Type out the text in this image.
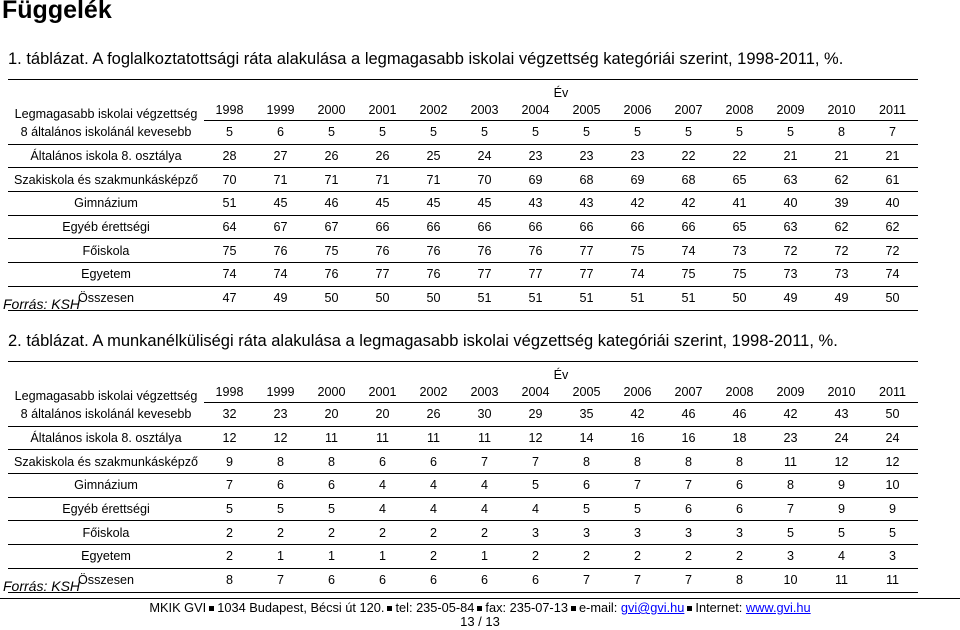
Függelék
1. táblázat. A foglalkoztatottsági ráta alakulása a legmagasabb iskolai végzettség kategóriái szerint, 1998-2011, %.
Legmagasabb iskolai végzettség	Év													
	1998	1999	2000	2001	2002	2003	2004	2005	2006	2007	2008	2009	2010	2011
8 általános iskolánál kevesebb	5	6	5	5	5	5	5	5	5	5	5	5	8	7
Általános iskola 8. osztálya	28	27	26	26	25	24	23	23	23	22	22	21	21	21
Szakiskola és szakmunkásképző	70	71	71	71	71	70	69	68	69	68	65	63	62	61
Gimnázium	51	45	46	45	45	45	43	43	42	42	41	40	39	40
Egyéb érettségi	64	67	67	66	66	66	66	66	66	66	65	63	62	62
Főiskola	75	76	75	76	76	76	76	77	75	74	73	72	72	72
Egyetem	74	74	76	77	76	77	77	77	74	75	75	73	73	74
Összesen	47	49	50	50	50	51	51	51	51	51	50	49	49	50
Forrás: KSH
2. táblázat. A munkanélküliségi ráta alakulása a legmagasabb iskolai végzettség kategóriái szerint, 1998-2011, %.
Legmagasabb iskolai végzettség	Év													
	1998	1999	2000	2001	2002	2003	2004	2005	2006	2007	2008	2009	2010	2011
8 általános iskolánál kevesebb	32	23	20	20	26	30	29	35	42	46	46	42	43	50
Általános iskola 8. osztálya	12	12	11	11	11	11	12	14	16	16	18	23	24	24
Szakiskola és szakmunkásképző	9	8	8	6	6	7	7	8	8	8	8	11	12	12
Gimnázium	7	6	6	4	4	4	5	6	7	7	6	8	9	10
Egyéb érettségi	5	5	5	4	4	4	4	5	5	6	6	7	9	9
Főiskola	2	2	2	2	2	2	3	3	3	3	3	5	5	5
Egyetem	2	1	1	1	2	1	2	2	2	2	2	3	4	3
Összesen	8	7	6	6	6	6	6	7	7	7	8	10	11	11
Forrás: KSH
MKIK GVI 1034 Budapest, Bécsi út 120. tel: 235-05-84 fax: 235-07-13 e-mail: gvi@gvi.hu Internet: www.gvi.hu
13 / 13
